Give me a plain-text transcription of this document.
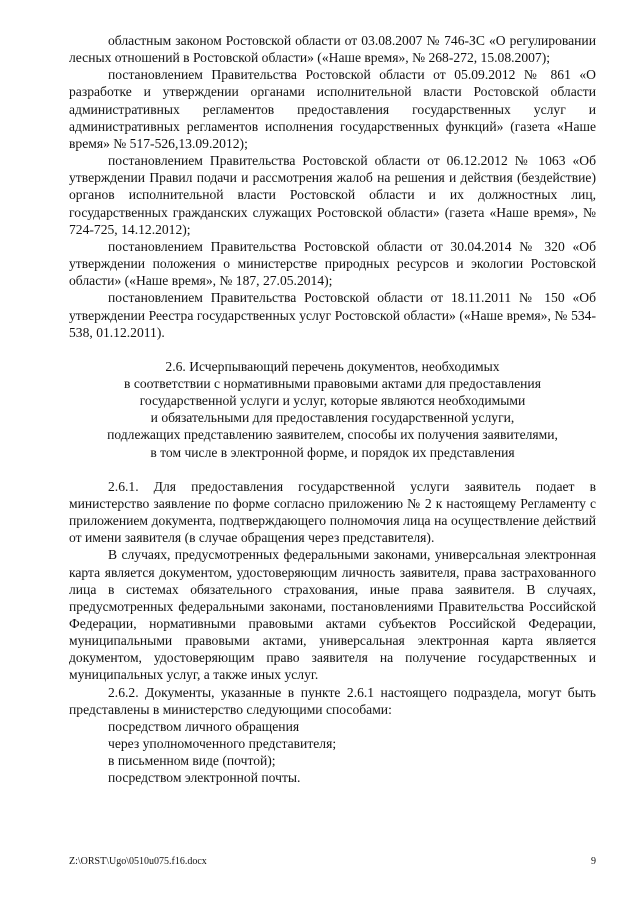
областным законом Ростовской области от 03.08.2007 № 746-ЗС «О регулировании лесных отношений в Ростовской области» («Наше время», № 268-272, 15.08.2007);

постановлением Правительства Ростовской области от 05.09.2012 № 861 «О разработке и утверждении органами исполнительной власти Ростовской области административных регламентов предоставления государственных услуг и административных регламентов исполнения государственных функций» (газета «Наше время» № 517-526,13.09.2012);

постановлением Правительства Ростовской области от 06.12.2012 № 1063 «Об утверждении Правил подачи и рассмотрения жалоб на решения и действия (бездействие) органов исполнительной власти Ростовской области и их должностных лиц, государственных гражданских служащих Ростовской области» (газета «Наше время», № 724-725, 14.12.2012);

постановлением Правительства Ростовской области от 30.04.2014 № 320 «Об утверждении положения о министерстве природных ресурсов и экологии Ростовской области» («Наше время», № 187, 27.05.2014);

постановлением Правительства Ростовской области от 18.11.2011 № 150 «Об утверждении Реестра государственных услуг Ростовской области» («Наше время», № 534-538, 01.12.2011).

2.6. Исчерпывающий перечень документов, необходимых
в соответствии с нормативными правовыми актами для предоставления
государственной услуги и услуг, которые являются необходимыми
и обязательными для предоставления государственной услуги,
подлежащих представлению заявителем, способы их получения заявителями,
в том числе в электронной форме, и порядок их представления

2.6.1. Для предоставления государственной услуги заявитель подает в министерство заявление по форме согласно приложению № 2 к настоящему Регламенту с приложением документа, подтверждающего полномочия лица на осуществление действий от имени заявителя (в случае обращения через представителя).

В случаях, предусмотренных федеральными законами, универсальная электронная карта является документом, удостоверяющим личность заявителя, права застрахованного лица в системах обязательного страхования, иные права заявителя. В случаях, предусмотренных федеральными законами, постановлениями Правительства Российской Федерации, нормативными правовыми актами субъектов Российской Федерации, муниципальными правовыми актами, универсальная электронная карта является документом, удостоверяющим право заявителя на получение государственных и муниципальных услуг, а также иных услуг.

2.6.2. Документы, указанные в пункте 2.6.1 настоящего подраздела, могут быть представлены в министерство следующими способами:

посредством личного обращения

через уполномоченного представителя;

в письменном виде (почтой);

посредством электронной почты.

Z:\ORST\Ugo\0510u075.f16.docx	9
